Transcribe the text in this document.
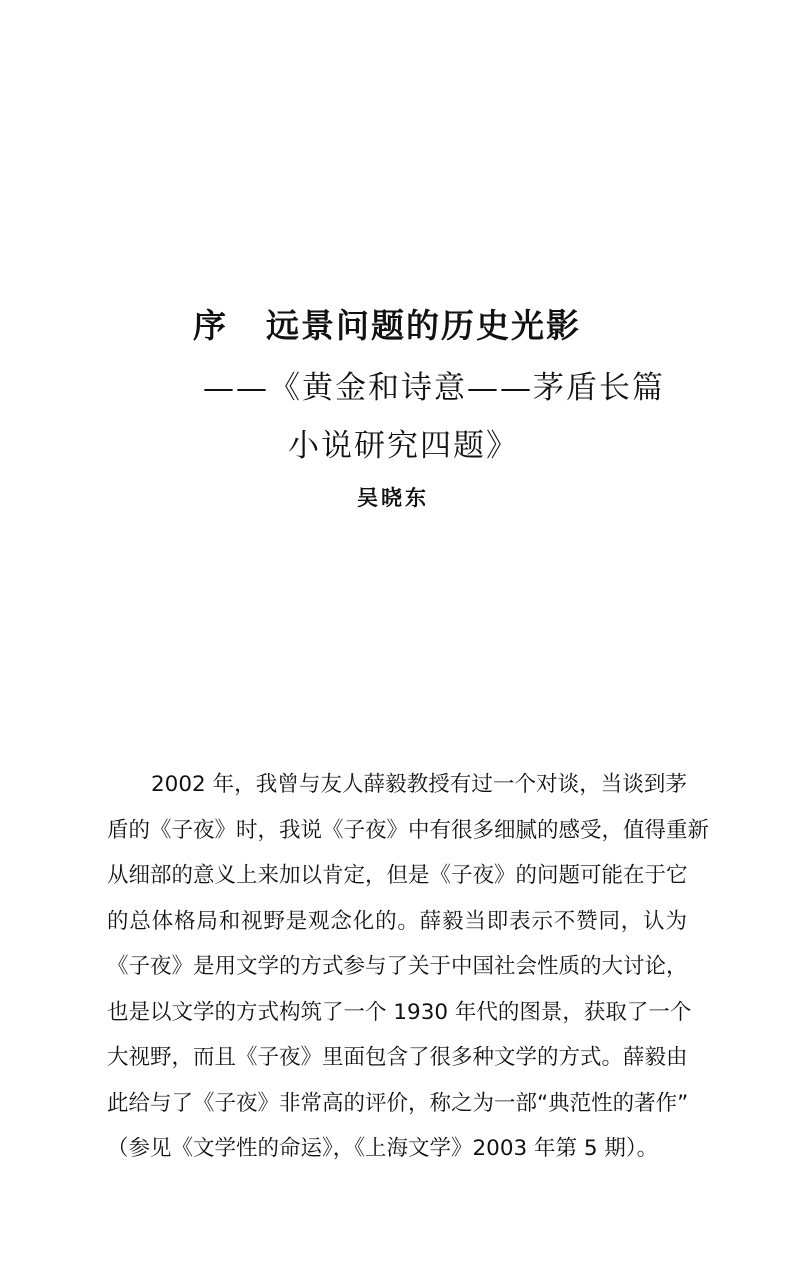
序 远景问题的历史光影
——《黄金和诗意——茅盾长篇
小说研究四题》
吴晓东
2002 年，我曾与友人薛毅教授有过一个对谈，当谈到茅
盾的《子夜》时，我说《子夜》中有很多细腻的感受，值得重新
从细部的意义上来加以肯定，但是《子夜》的问题可能在于它
的总体格局和视野是观念化的。薛毅当即表示不赞同，认为
《子夜》是用文学的方式参与了关于中国社会性质的大讨论，
也是以文学的方式构筑了一个 1930 年代的图景，获取了一个
大视野，而且《子夜》里面包含了很多种文学的方式。薛毅由
此给与了《子夜》非常高的评价，称之为一部“典范性的著作”
（参见《文学性的命运》，《上海文学》2003 年第 5 期）。
